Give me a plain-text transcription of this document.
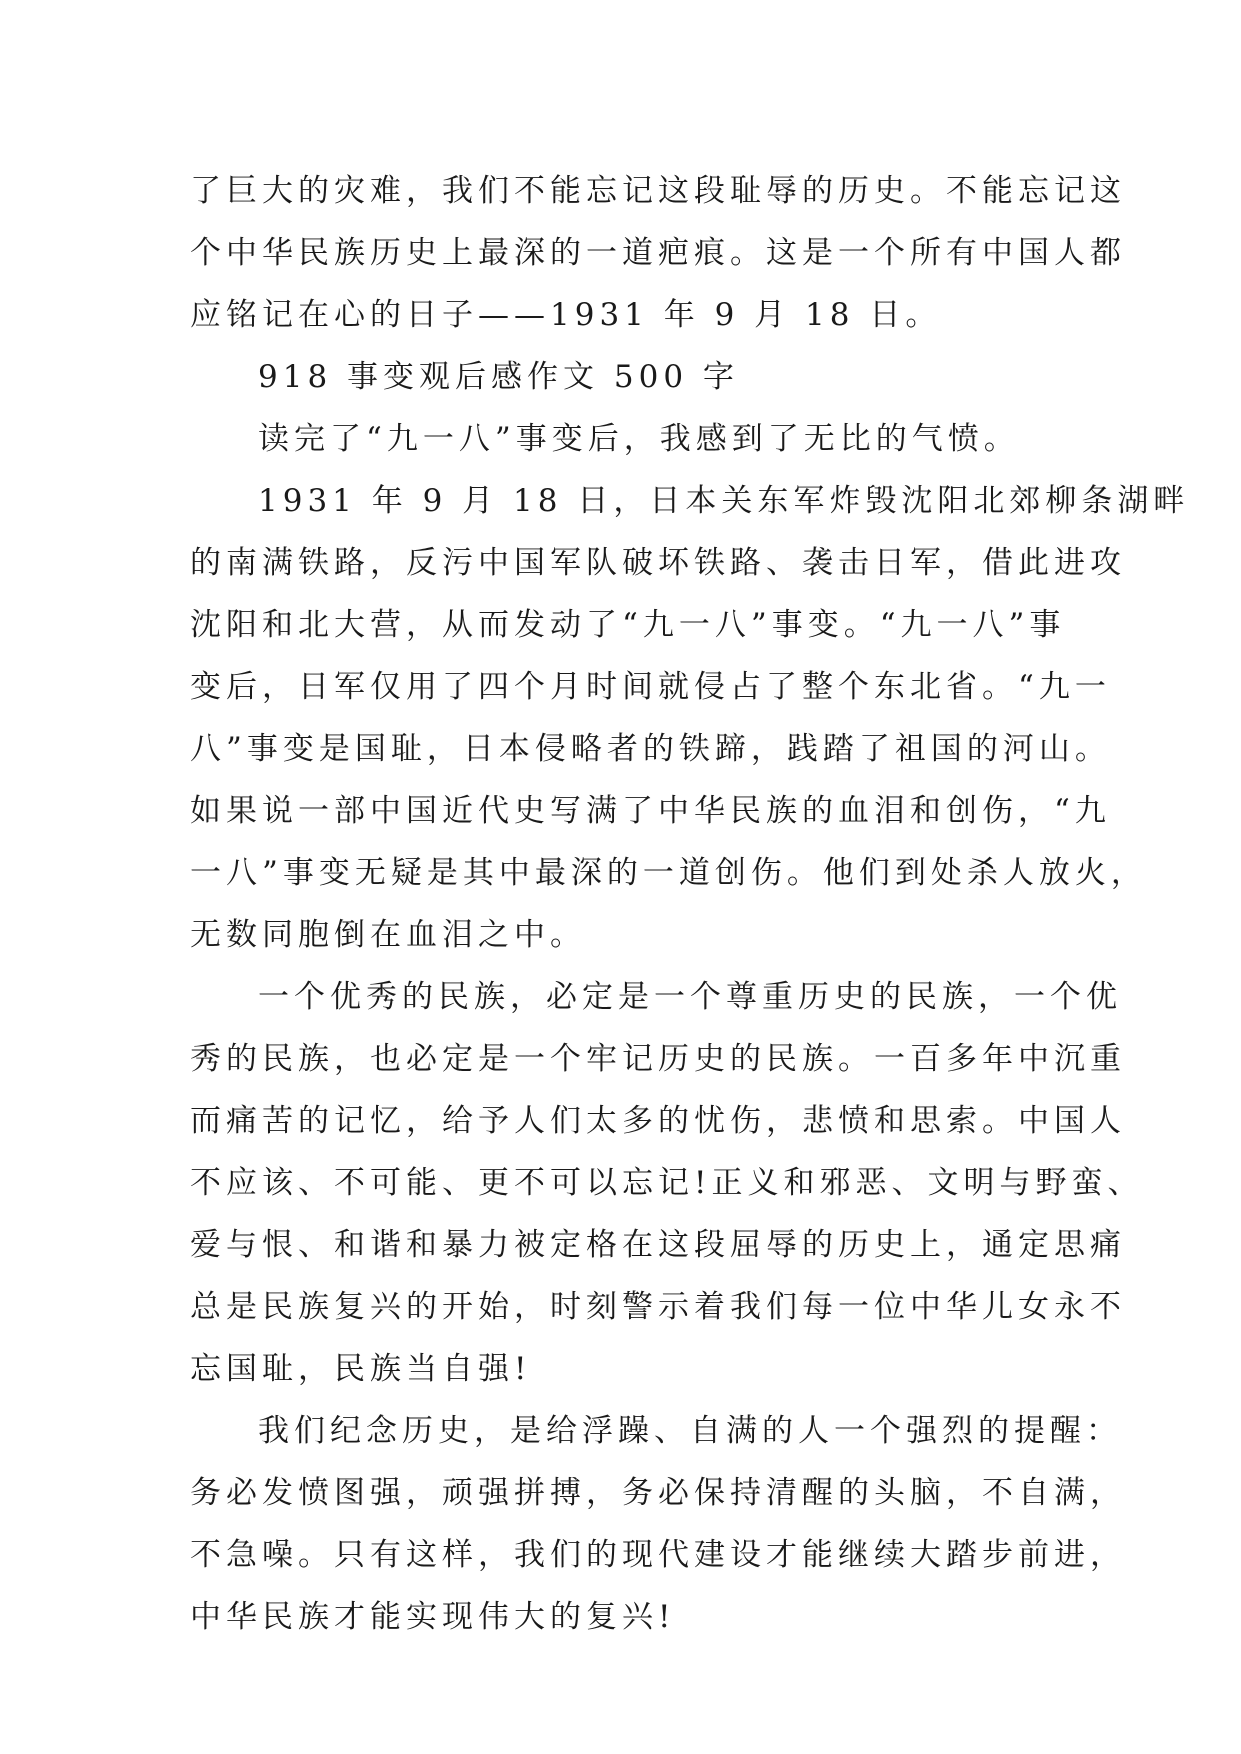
了巨大的灾难，我们不能忘记这段耻辱的历史。不能忘记这
个中华民族历史上最深的一道疤痕。这是一个所有中国人都
应铭记在心的日子——1931 年 9 月 18 日。

918 事变观后感作文 500 字

读完了“九一八”事变后，我感到了无比的气愤。

1931 年 9 月 18 日，日本关东军炸毁沈阳北郊柳条湖畔
的南满铁路，反污中国军队破坏铁路、袭击日军，借此进攻
沈阳和北大营，从而发动了“九一八”事变。“九一八”事
变后，日军仅用了四个月时间就侵占了整个东北省。“九一
八”事变是国耻，日本侵略者的铁蹄，践踏了祖国的河山。
如果说一部中国近代史写满了中华民族的血泪和创伤，“九
一八”事变无疑是其中最深的一道创伤。他们到处杀人放火，
无数同胞倒在血泪之中。

一个优秀的民族，必定是一个尊重历史的民族，一个优
秀的民族，也必定是一个牢记历史的民族。一百多年中沉重
而痛苦的记忆，给予人们太多的忧伤，悲愤和思索。中国人
不应该、不可能、更不可以忘记!正义和邪恶、文明与野蛮、
爱与恨、和谐和暴力被定格在这段屈辱的历史上，通定思痛
总是民族复兴的开始，时刻警示着我们每一位中华儿女永不
忘国耻，民族当自强!

我们纪念历史，是给浮躁、自满的人一个强烈的提醒：
务必发愤图强，顽强拼搏，务必保持清醒的头脑，不自满，
不急噪。只有这样，我们的现代建设才能继续大踏步前进，
中华民族才能实现伟大的复兴!
